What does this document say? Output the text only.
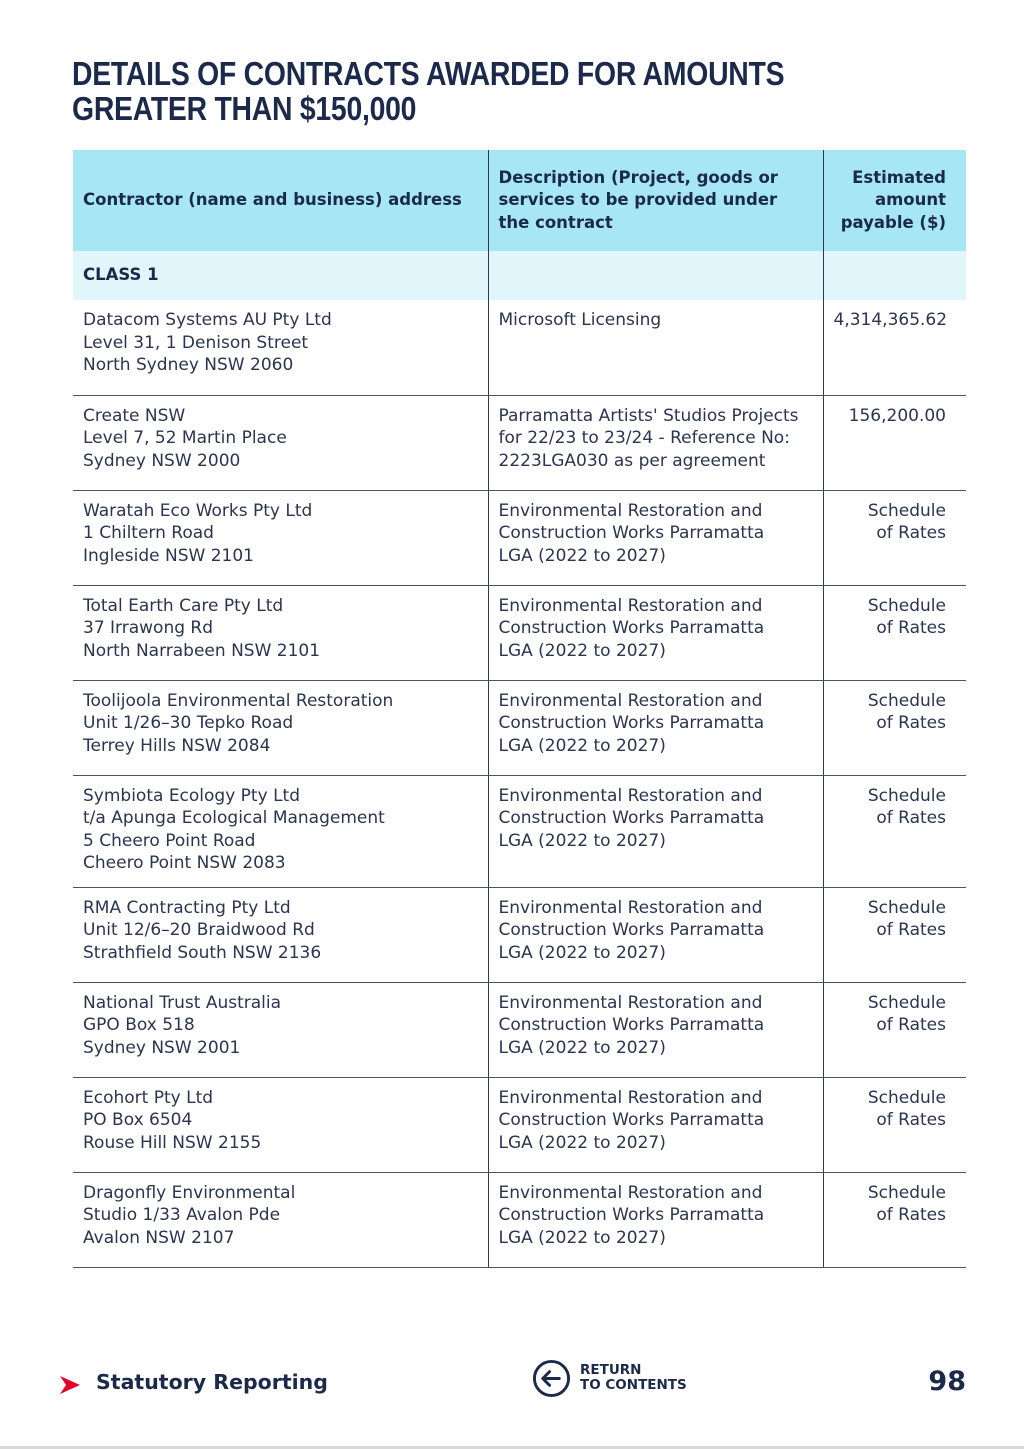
DETAILS OF CONTRACTS AWARDED FOR AMOUNTS
GREATER THAN $150,000
Contractor (name and business) address	Description (Project, goods or
services to be provided under
the contract	Estimated
amount
payable ($)

CLASS 1		

Datacom Systems AU Pty Ltd
Level 31, 1 Denison Street
North Sydney NSW 2060	Microsoft Licensing	4,314,365.62

Create NSW
Level 7, 52 Martin Place
Sydney NSW 2000	Parramatta Artists' Studios Projects
for 22/23 to 23/24 - Reference No:
2223LGA030 as per agreement	156,200.00

Waratah Eco Works Pty Ltd
1 Chiltern Road
Ingleside NSW 2101	Environmental Restoration and
Construction Works Parramatta
LGA (2022 to 2027)	Schedule
of Rates

Total Earth Care Pty Ltd
37 Irrawong Rd
North Narrabeen NSW 2101	Environmental Restoration and
Construction Works Parramatta
LGA (2022 to 2027)	Schedule
of Rates

Toolijoola Environmental Restoration
Unit 1/26–30 Tepko Road
Terrey Hills NSW 2084	Environmental Restoration and
Construction Works Parramatta
LGA (2022 to 2027)	Schedule
of Rates

Symbiota Ecology Pty Ltd
t/a Apunga Ecological Management
5 Cheero Point Road
Cheero Point NSW 2083	Environmental Restoration and
Construction Works Parramatta
LGA (2022 to 2027)	Schedule
of Rates

RMA Contracting Pty Ltd
Unit 12/6–20 Braidwood Rd
Strathfield South NSW 2136	Environmental Restoration and
Construction Works Parramatta
LGA (2022 to 2027)	Schedule
of Rates

National Trust Australia
GPO Box 518
Sydney NSW 2001	Environmental Restoration and
Construction Works Parramatta
LGA (2022 to 2027)	Schedule
of Rates

Ecohort Pty Ltd
PO Box 6504
Rouse Hill NSW 2155	Environmental Restoration and
Construction Works Parramatta
LGA (2022 to 2027)	Schedule
of Rates

Dragonfly Environmental
Studio 1/33 Avalon Pde
Avalon NSW 2107	Environmental Restoration and
Construction Works Parramatta
LGA (2022 to 2027)	Schedule
of Rates
Statutory Reporting	RETURN
TO CONTENTS	98
